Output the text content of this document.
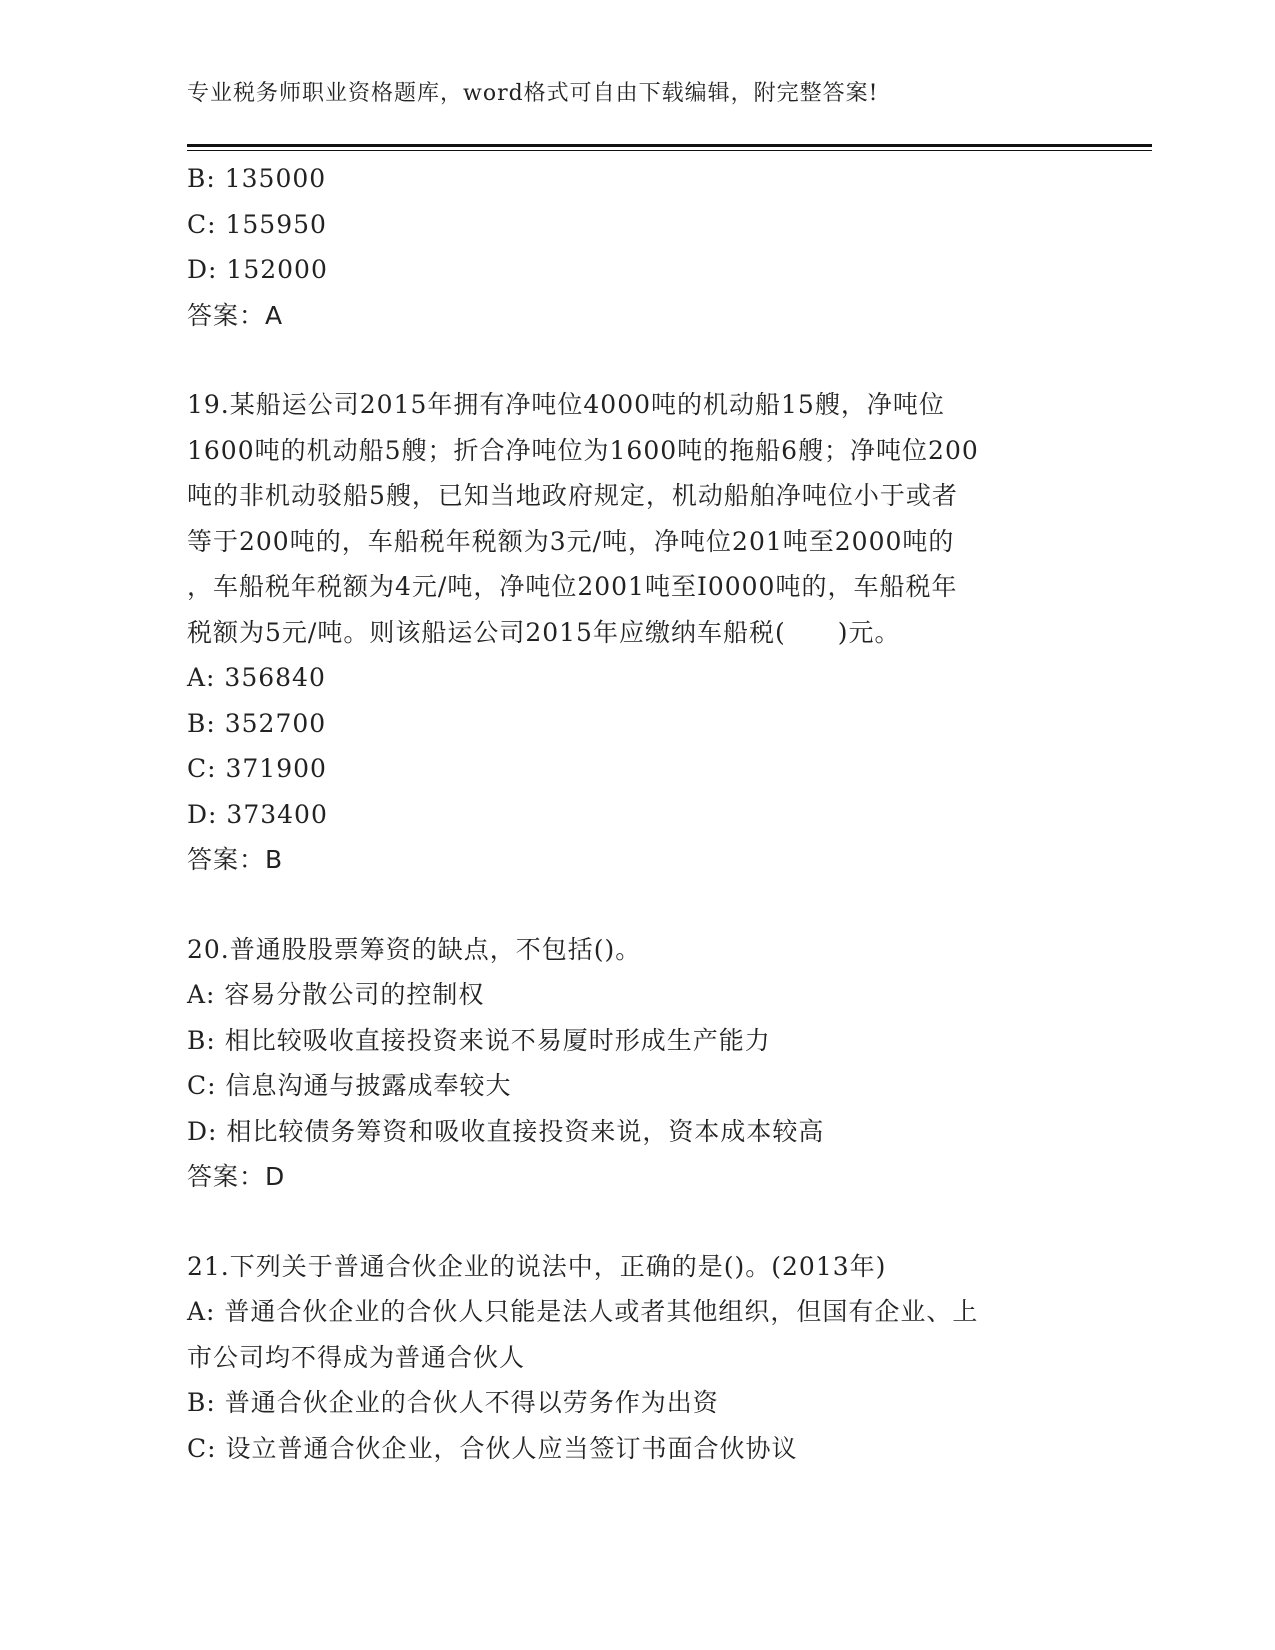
专业税务师职业资格题库，word格式可自由下载编辑，附完整答案!
B: 135000
C: 155950
D: 152000
答案：A
19.某船运公司2015年拥有净吨位4000吨的机动船15艘，净吨位
1600吨的机动船5艘；折合净吨位为1600吨的拖船6艘；净吨位200
吨的非机动驳船5艘，已知当地政府规定，机动船舶净吨位小于或者
等于200吨的，车船税年税额为3元/吨，净吨位201吨至2000吨的
，车船税年税额为4元/吨，净吨位2001吨至I0000吨的，车船税年
税额为5元/吨。则该船运公司2015年应缴纳车船税(　　)元。
A: 356840
B: 352700
C: 371900
D: 373400
答案：B
20.普通股股票筹资的缺点，不包括()。
A: 容易分散公司的控制权
B: 相比较吸收直接投资来说不易厦时形成生产能力
C: 信息沟通与披露成奉较大
D: 相比较债务筹资和吸收直接投资来说，资本成本较高
答案：D
21.下列关于普通合伙企业的说法中，正确的是()。(2013年)
A: 普通合伙企业的合伙人只能是法人或者其他组织，但国有企业、上
市公司均不得成为普通合伙人
B: 普通合伙企业的合伙人不得以劳务作为出资
C: 设立普通合伙企业，合伙人应当签订书面合伙协议
